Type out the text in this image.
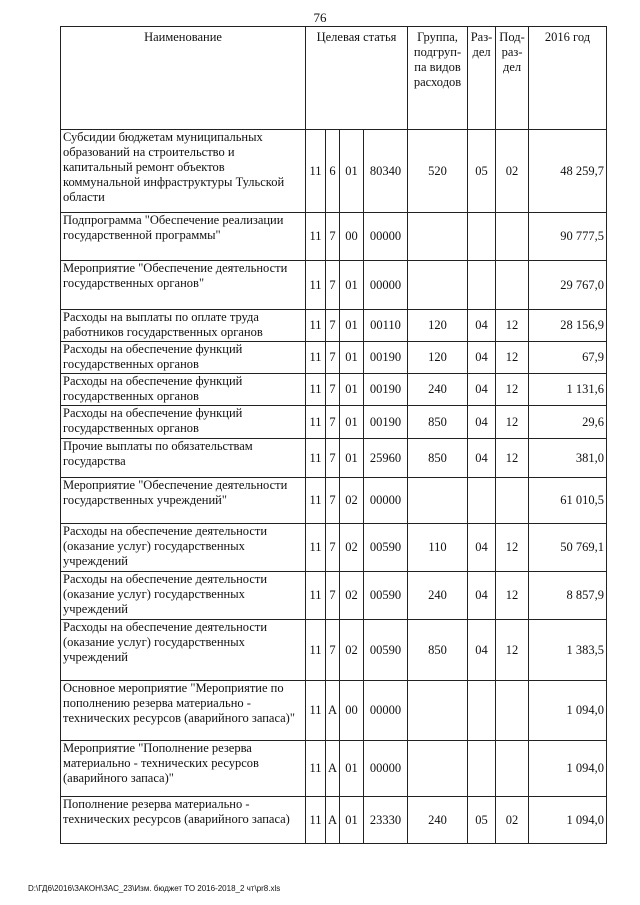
76
Наименование	Целевая статья				Группа, подгруп-па видов расходов	Раз-дел	Под-раз-дел	2016 год
Субсидии бюджетам муниципальных образований на строительство и капитальный ремонт объектов коммунальной инфраструктуры Тульской области	11	6	01	80340	520	05	02	48 259,7
Подпрограмма "Обеспечение реализации государственной программы"	11	7	00	00000				90 777,5
Мероприятие "Обеспечение деятельности государственных органов"	11	7	01	00000				29 767,0
Расходы на выплаты по оплате труда работников государственных органов	11	7	01	00110	120	04	12	28 156,9
Расходы на обеспечение функций государственных органов	11	7	01	00190	120	04	12	67,9
Расходы на обеспечение функций государственных органов	11	7	01	00190	240	04	12	1 131,6
Расходы на обеспечение функций государственных органов	11	7	01	00190	850	04	12	29,6
Прочие выплаты по обязательствам государства	11	7	01	25960	850	04	12	381,0
Мероприятие "Обеспечение деятельности государственных учреждений"	11	7	02	00000				61 010,5
Расходы на обеспечение деятельности (оказание услуг) государственных учреждений	11	7	02	00590	110	04	12	50 769,1
Расходы на обеспечение деятельности (оказание услуг) государственных учреждений	11	7	02	00590	240	04	12	8 857,9
Расходы на обеспечение деятельности (оказание услуг) государственных учреждений	11	7	02	00590	850	04	12	1 383,5
Основное мероприятие "Мероприятие по пополнению резерва материально - технических ресурсов (аварийного запаса)"	11	А	00	00000				1 094,0
Мероприятие "Пополнение резерва материально - технических ресурсов (аварийного запаса)"	11	А	01	00000				1 094,0
Пополнение резерва материально - технических ресурсов (аварийного запаса)	11	А	01	23330	240	05	02	1 094,0
D:\ГД6\2016\ЗАКОН\ЗАС_23\Изм. бюджет ТО 2016-2018_2 чт\pr8.xls
